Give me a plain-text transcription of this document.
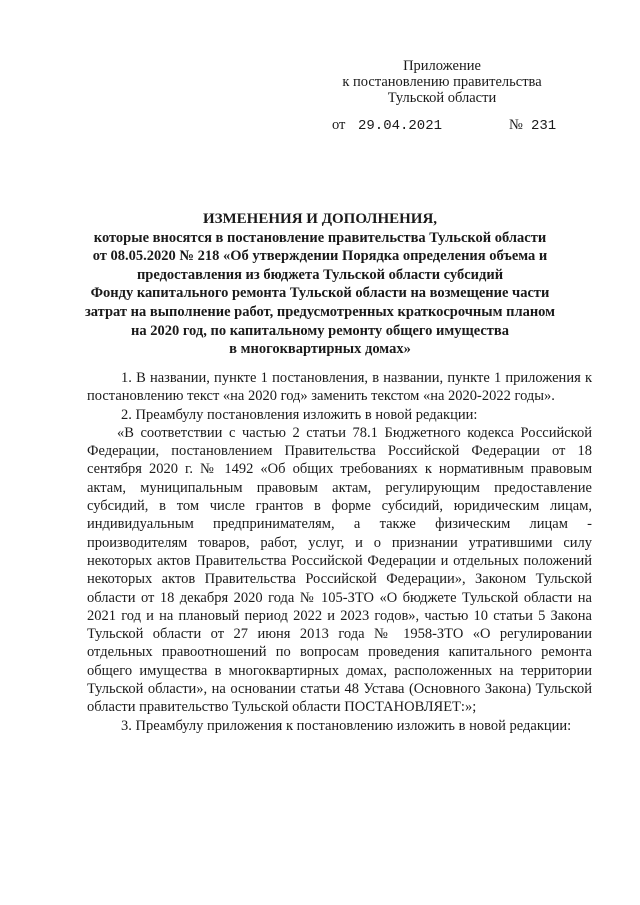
Приложение
к постановлению правительства
Тульской области
от 29.04.2021	№ 231
ИЗМЕНЕНИЯ И ДОПОЛНЕНИЯ,
которые вносятся в постановление правительства Тульской области
от 08.05.2020 № 218 «Об утверждении Порядка определения объема и
предоставления из бюджета Тульской области субсидий
Фонду капитального ремонта Тульской области на возмещение части
затрат на выполнение работ, предусмотренных краткосрочным планом
на 2020 год, по капитальному ремонту общего имущества
в многоквартирных домах»

1. В названии, пункте 1 постановления, в названии, пункте 1 приложения к постановлению текст «на 2020 год» заменить текстом «на 2020-2022 годы».

2. Преамбулу постановления изложить в новой редакции:

«В соответствии с частью 2 статьи 78.1 Бюджетного кодекса Российской Федерации, постановлением Правительства Российской Федерации от 18 сентября 2020 г. № 1492 «Об общих требованиях к нормативным правовым актам, муниципальным правовым актам, регулирующим предоставление субсидий, в том числе грантов в форме субсидий, юридическим лицам, индивидуальным предпринимателям, а также физическим лицам - производителям товаров, работ, услуг, и о признании утратившими силу некоторых актов Правительства Российской Федерации и отдельных положений некоторых актов Правительства Российской Федерации», Законом Тульской области от 18 декабря 2020 года № 105-ЗТО «О бюджете Тульской области на 2021 год и на плановый период 2022 и 2023 годов», частью 10 статьи 5 Закона Тульской области от 27 июня 2013 года № 1958-ЗТО «О регулировании отдельных правоотношений по вопросам проведения капитального ремонта общего имущества в многоквартирных домах, расположенных на территории Тульской области», на основании статьи 48 Устава (Основного Закона) Тульской области правительство Тульской области ПОСТАНОВЛЯЕТ:»;

3. Преамбулу приложения к постановлению изложить в новой редакции:
